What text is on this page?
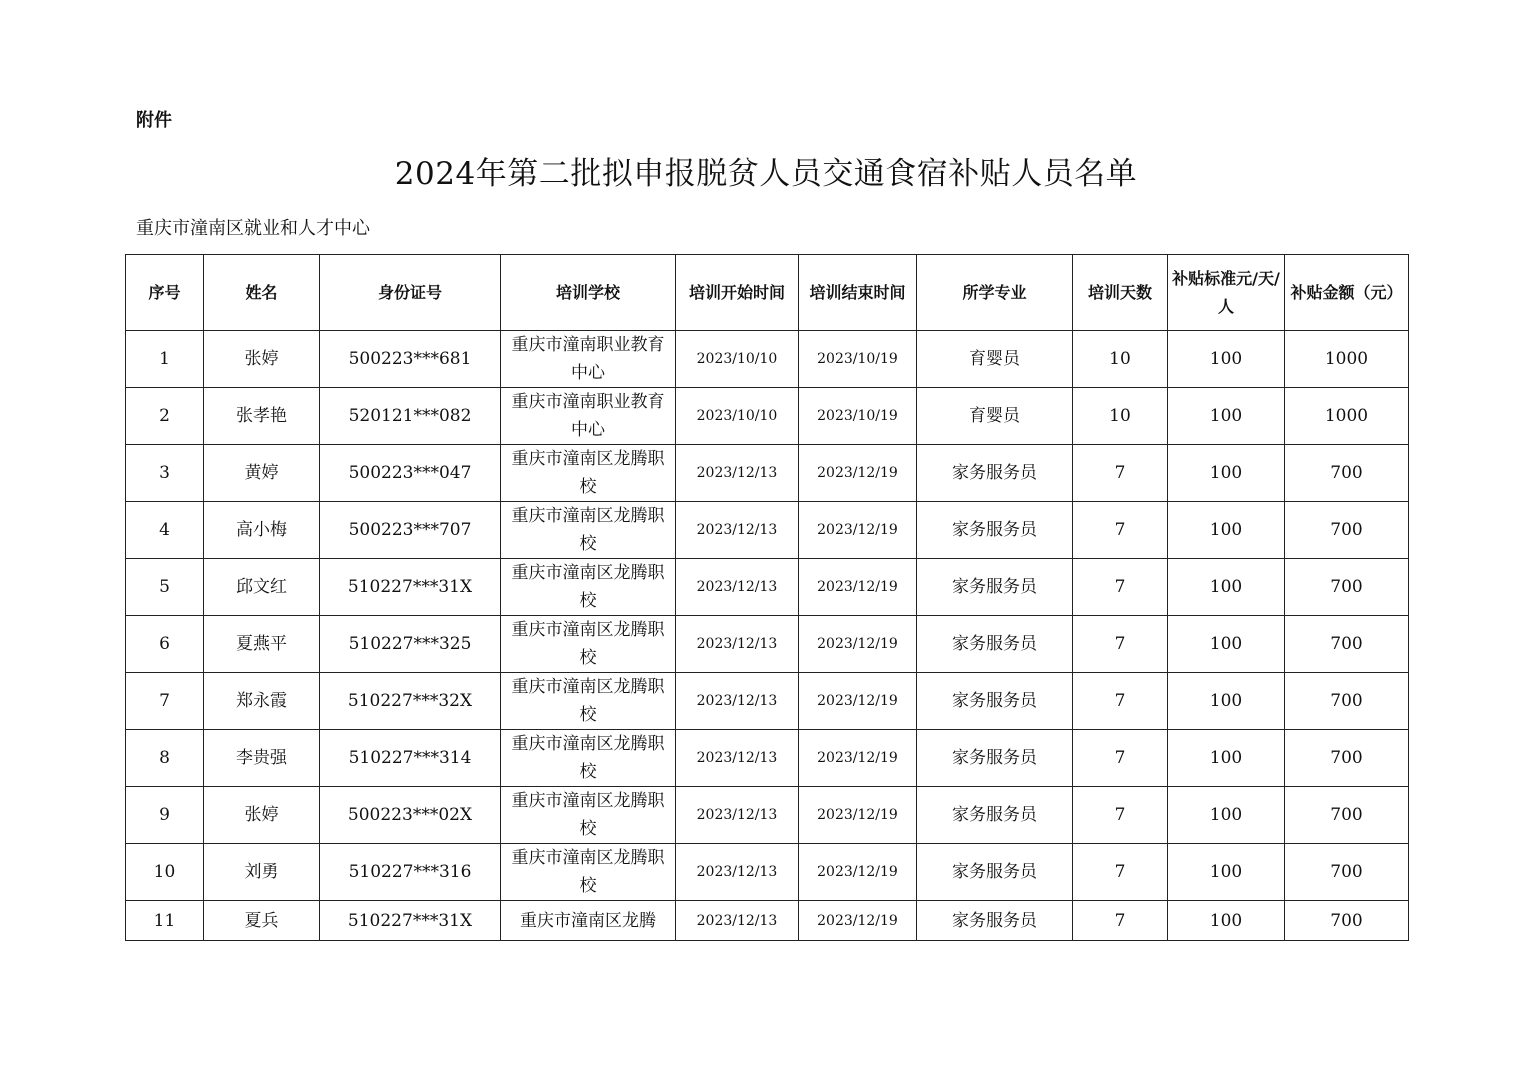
附件
2024年第二批拟申报脱贫人员交通食宿补贴人员名单
重庆市潼南区就业和人才中心
序号	姓名	身份证号	培训学校	培训开始时间	培训结束时间	所学专业	培训天数	补贴标准元/天/人	补贴金额（元）
1	张婷	500223***681	重庆市潼南职业教育中心	2023/10/10	2023/10/19	育婴员	10	100	1000
2	张孝艳	520121***082	重庆市潼南职业教育中心	2023/10/10	2023/10/19	育婴员	10	100	1000
3	黄婷	500223***047	重庆市潼南区龙腾职校	2023/12/13	2023/12/19	家务服务员	7	100	700
4	高小梅	500223***707	重庆市潼南区龙腾职校	2023/12/13	2023/12/19	家务服务员	7	100	700
5	邱文红	510227***31X	重庆市潼南区龙腾职校	2023/12/13	2023/12/19	家务服务员	7	100	700
6	夏燕平	510227***325	重庆市潼南区龙腾职校	2023/12/13	2023/12/19	家务服务员	7	100	700
7	郑永霞	510227***32X	重庆市潼南区龙腾职校	2023/12/13	2023/12/19	家务服务员	7	100	700
8	李贵强	510227***314	重庆市潼南区龙腾职校	2023/12/13	2023/12/19	家务服务员	7	100	700
9	张婷	500223***02X	重庆市潼南区龙腾职校	2023/12/13	2023/12/19	家务服务员	7	100	700
10	刘勇	510227***316	重庆市潼南区龙腾职校	2023/12/13	2023/12/19	家务服务员	7	100	700
11	夏兵	510227***31X	重庆市潼南区龙腾	2023/12/13	2023/12/19	家务服务员	7	100	700
